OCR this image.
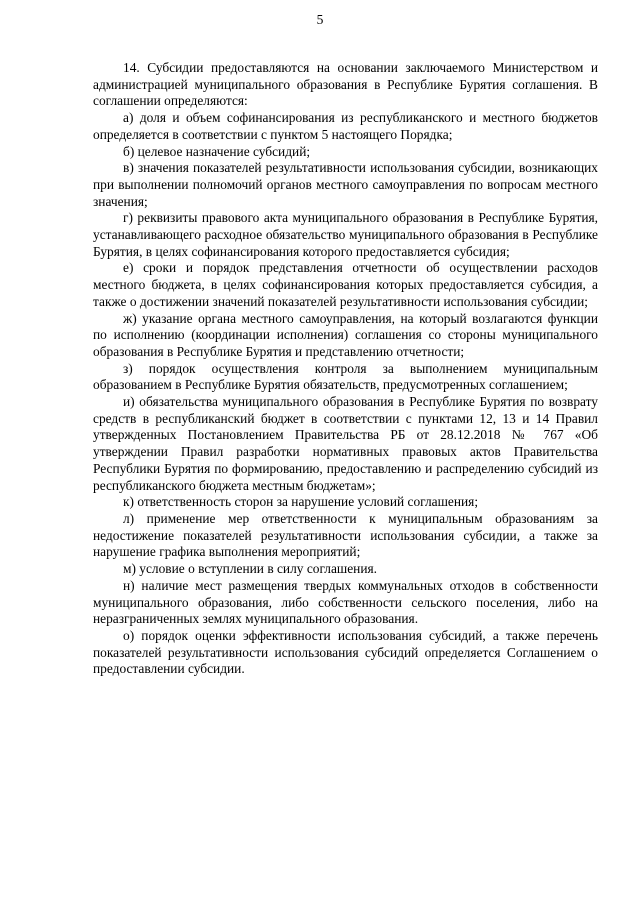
5

14. Субсидии предоставляются на основании заключаемого Министерством и администрацией муниципального образования в Республике Бурятия соглашения. В соглашении определяются:

а) доля и объем софинансирования из республиканского и местного бюджетов определяется в соответствии с пунктом 5 настоящего Порядка;

б) целевое назначение субсидий;

в) значения показателей результативности использования субсидии, возникающих при выполнении полномочий органов местного самоуправления по вопросам местного значения;

г) реквизиты правового акта муниципального образования в Республике Бурятия, устанавливающего расходное обязательство муниципального образования в Республике Бурятия, в целях софинансирования которого предоставляется субсидия;

е) сроки и порядок представления отчетности об осуществлении расходов местного бюджета, в целях софинансирования которых предоставляется субсидия, а также о достижении значений показателей результативности использования субсидии;

ж) указание органа местного самоуправления, на который возлагаются функции по исполнению (координации исполнения) соглашения со стороны муниципального образования в Республике Бурятия и представлению отчетности;

з) порядок осуществления контроля за выполнением муниципальным образованием в Республике Бурятия обязательств, предусмотренных соглашением;

и) обязательства муниципального образования в Республике Бурятия по возврату средств в республиканский бюджет в соответствии с пунктами 12, 13 и 14 Правил утвержденных Постановлением Правительства РБ от 28.12.2018 № 767 «Об утверждении Правил разработки нормативных правовых актов Правительства Республики Бурятия по формированию, предоставлению и распределению субсидий из республиканского бюджета местным бюджетам»;

к) ответственность сторон за нарушение условий соглашения;

л) применение мер ответственности к муниципальным образованиям за недостижение показателей результативности использования субсидии, а также за нарушение графика выполнения мероприятий;

м) условие о вступлении в силу соглашения.

н) наличие мест размещения твердых коммунальных отходов в собственности муниципального образования, либо собственности сельского поселения, либо на неразграниченных землях муниципального образования.

о) порядок оценки эффективности использования субсидий, а также перечень показателей результативности использования субсидий определяется Соглашением о предоставлении субсидии.
